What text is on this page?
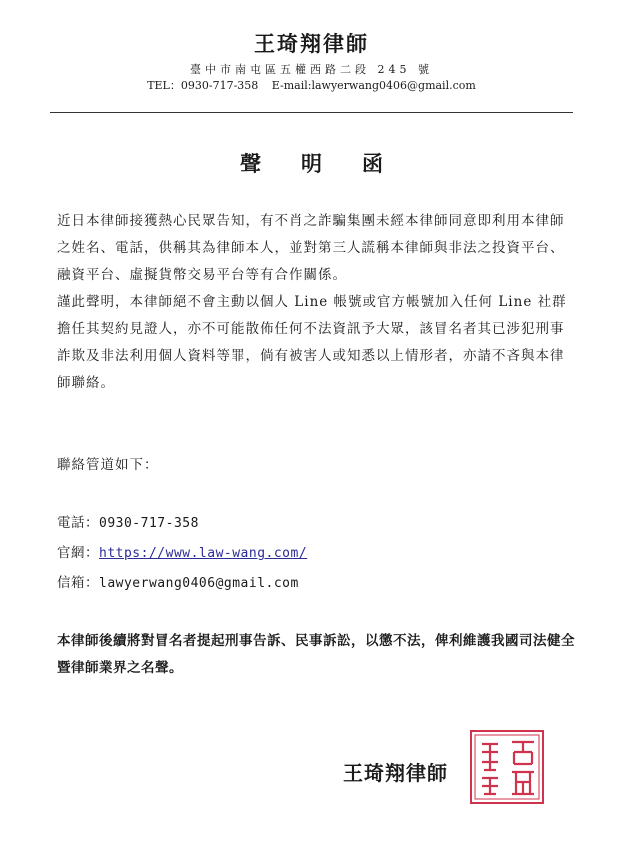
王琦翔律師
臺中市南屯區五權西路二段 245 號
TEL：0930-717-358 E-mail:lawyerwang0406@gmail.com
聲明函

近日本律師接獲熱心民眾告知，有不肖之詐騙集團未經本律師同意即利用本律師之姓名、電話，供稱其為律師本人，並對第三人謊稱本律師與非法之投資平台、融資平台、虛擬貨幣交易平台等有合作關係。

謹此聲明，本律師絕不會主動以個人 Line 帳號或官方帳號加入任何 Line 社群擔任其契約見證人，亦不可能散佈任何不法資訊予大眾，該冒名者其已涉犯刑事詐欺及非法利用個人資料等罪，倘有被害人或知悉以上情形者，亦請不吝與本律師聯絡。

聯絡管道如下：
電話：0930-717-358
官網：https://www.law-wang.com/
信箱：lawyerwang0406@gmail.com

本律師後續將對冒名者提起刑事告訴、民事訴訟，以懲不法，俾利維護我國司法健全暨律師業界之名聲。

王琦翔律師
